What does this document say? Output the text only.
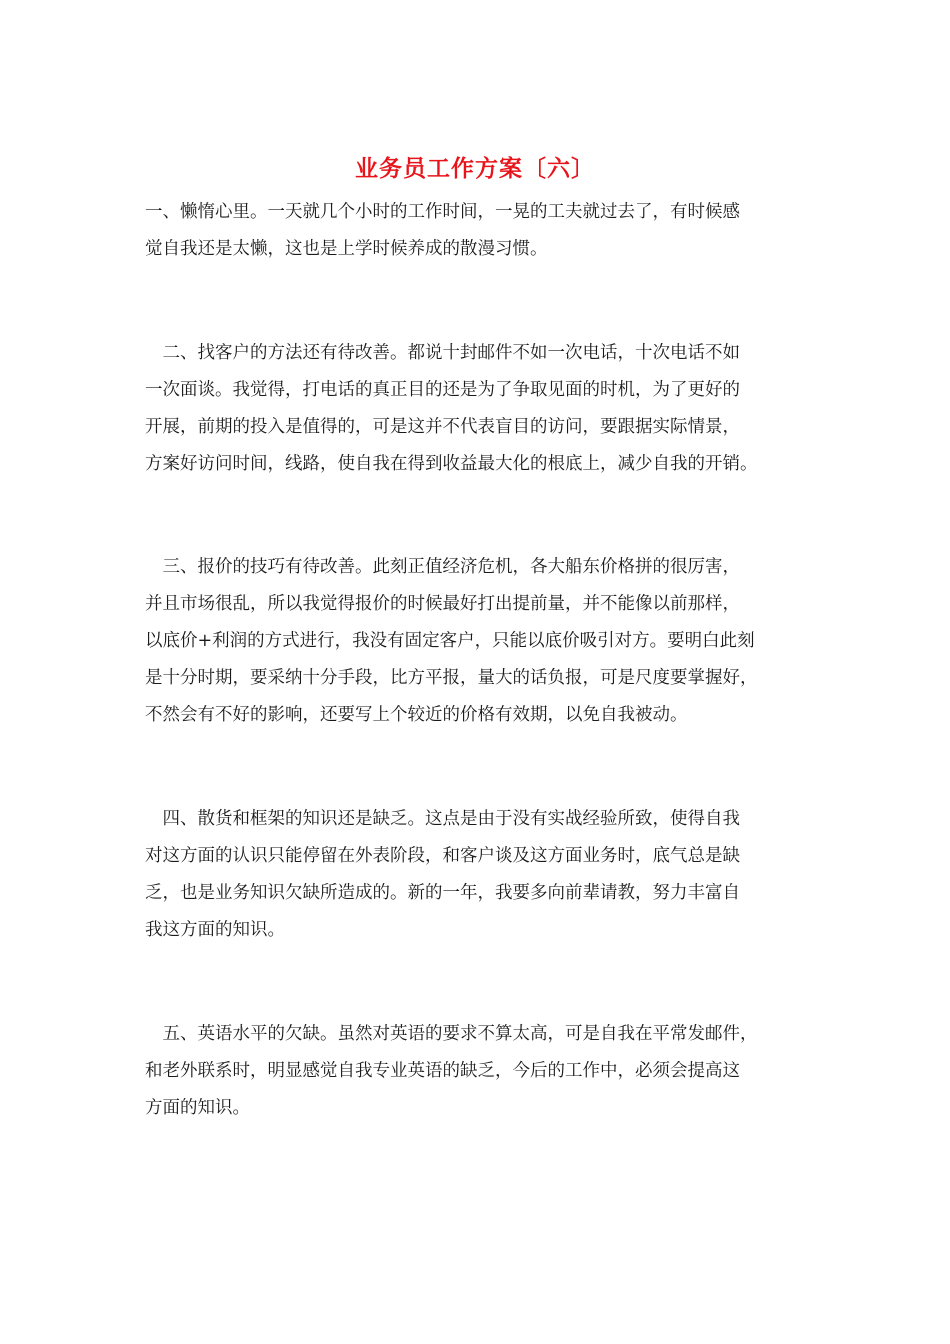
业务员工作方案〔六〕
一、懒惰心里。一天就几个小时的工作时间，一晃的工夫就过去了，有时候感
觉自我还是太懒，这也是上学时候养成的散漫习惯。
　二、找客户的方法还有待改善。都说十封邮件不如一次电话，十次电话不如
一次面谈。我觉得，打电话的真正目的还是为了争取见面的时机，为了更好的
开展，前期的投入是值得的，可是这并不代表盲目的访问，要跟据实际情景，
方案好访问时间，线路，使自我在得到收益最大化的根底上，减少自我的开销。
　三、报价的技巧有待改善。此刻正值经济危机，各大船东价格拼的很厉害，
并且市场很乱，所以我觉得报价的时候最好打出提前量，并不能像以前那样，
以底价+利润的方式进行，我没有固定客户，只能以底价吸引对方。要明白此刻
是十分时期，要采纳十分手段，比方平报，量大的话负报，可是尺度要掌握好，
不然会有不好的影响，还要写上个较近的价格有效期，以免自我被动。
　四、散货和框架的知识还是缺乏。这点是由于没有实战经验所致，使得自我
对这方面的认识只能停留在外表阶段，和客户谈及这方面业务时，底气总是缺
乏，也是业务知识欠缺所造成的。新的一年，我要多向前辈请教，努力丰富自
我这方面的知识。
　五、英语水平的欠缺。虽然对英语的要求不算太高，可是自我在平常发邮件，
和老外联系时，明显感觉自我专业英语的缺乏，今后的工作中，必须会提高这
方面的知识。
